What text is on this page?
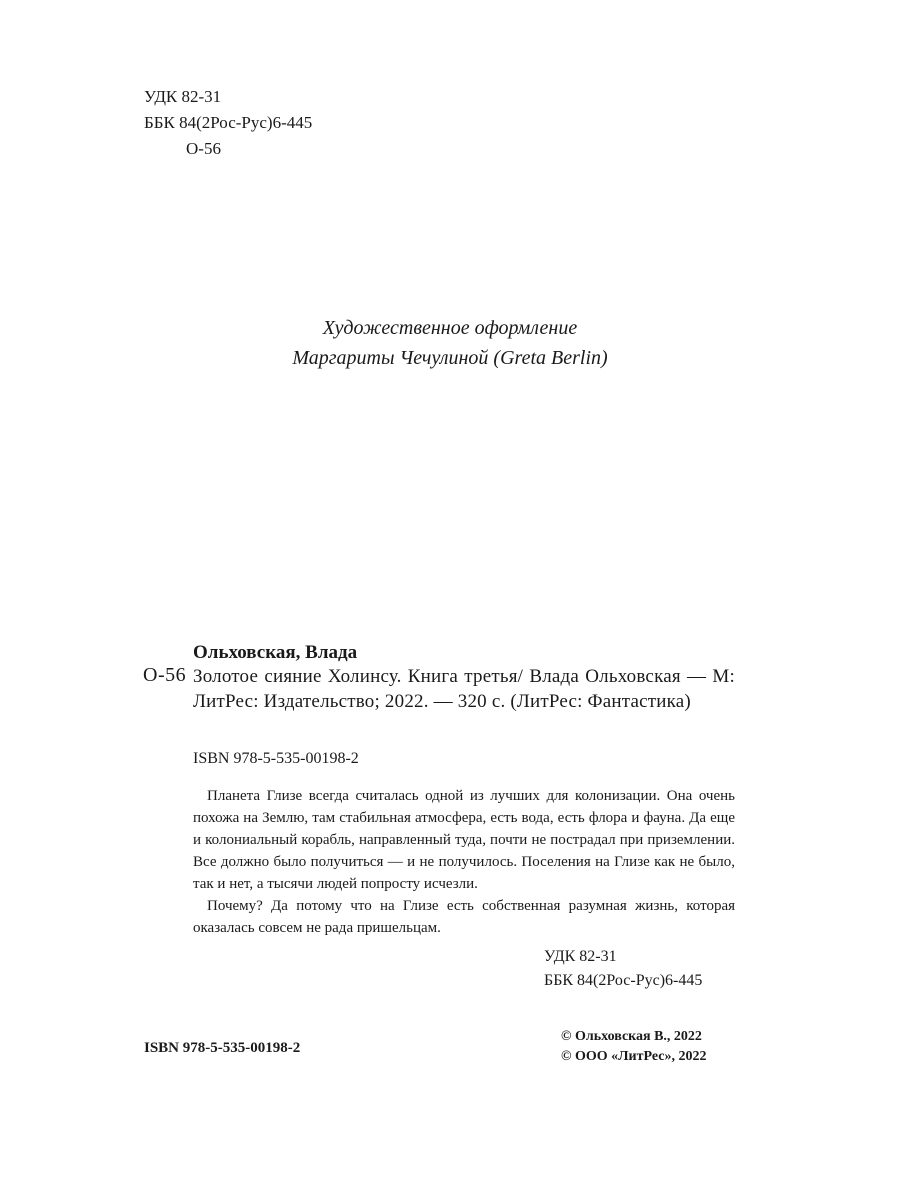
УДК 82-31
ББК 84(2Рос-Рус)6-445
О-56
Художественное оформление
Маргариты Чечулиной (Greta Berlin)
Ольховская, Влада
О-56 Золотое сияние Холинсу. Книга третья/ Влада Ольховская — М: ЛитРес: Издательство; 2022. — 320 с. (ЛитРес: Фантастика)
ISBN 978-5-535-00198-2

Планета Глизе всегда считалась одной из лучших для колонизации. Она очень похожа на Землю, там стабильная атмосфера, есть вода, есть флора и фауна. Да еще и колониальный корабль, направленный туда, почти не пострадал при приземлении. Все должно было получиться — и не получилось. Поселения на Глизе как не было, так и нет, а тысячи людей попросту исчезли.

Почему? Да потому что на Глизе есть собственная разумная жизнь, которая оказалась совсем не рада пришельцам.

УДК 82-31
ББК 84(2Рос-Рус)6-445
ISBN 978-5-535-00198-2
© Ольховская В., 2022
© ООО «ЛитРес», 2022
